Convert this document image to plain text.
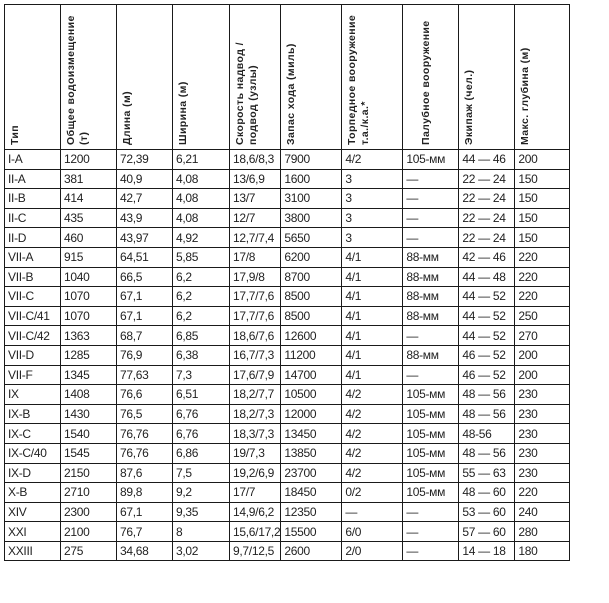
Тип	Общее водоизмещение (т)	Длина (м)	Ширина (м)	Скорость надвод / подвод (узлы)	Запас хода (миль)	Торпедное вооружение т.а./к.а.*	Палубное вооружение	Экипаж (чел.)	Макс. глубина (м)

I-A	1200	72,39	6,21	18,6/8,3	7900	4/2	105-мм	44 — 46	200
II-A	381	40,9	4,08	13/6,9	1600	3	—	22 — 24	150
II-B	414	42,7	4,08	13/7	3100	3	—	22 — 24	150
II-C	435	43,9	4,08	12/7	3800	3	—	22 — 24	150
II-D	460	43,97	4,92	12,7/7,4	5650	3	—	22 — 24	150
VII-A	915	64,51	5,85	17/8	6200	4/1	88-мм	42 — 46	220
VII-B	1040	66,5	6,2	17,9/8	8700	4/1	88-мм	44 — 48	220
VII-C	1070	67,1	6,2	17,7/7,6	8500	4/1	88-мм	44 — 52	220
VII-C/41	1070	67,1	6,2	17,7/7,6	8500	4/1	88-мм	44 — 52	250
VII-C/42	1363	68,7	6,85	18,6/7,6	12600	4/1	—	44 — 52	270
VII-D	1285	76,9	6,38	16,7/7,3	11200	4/1	88-мм	46 — 52	200
VII-F	1345	77,63	7,3	17,6/7,9	14700	4/1	—	46 — 52	200
IX	1408	76,6	6,51	18,2/7,7	10500	4/2	105-мм	48 — 56	230
IX-B	1430	76,5	6,76	18,2/7,3	12000	4/2	105-мм	48 — 56	230
IX-C	1540	76,76	6,76	18,3/7,3	13450	4/2	105-мм	48-56	230
IX-C/40	1545	76,76	6,86	19/7,3	13850	4/2	105-мм	48 — 56	230
IX-D	2150	87,6	7,5	19,2/6,9	23700	4/2	105-мм	55 — 63	230
X-B	2710	89,8	9,2	17/7	18450	0/2	105-мм	48 — 60	220
XIV	2300	67,1	9,35	14,9/6,2	12350	—	—	53 — 60	240
XXI	2100	76,7	8	15,6/17,2	15500	6/0	—	57 — 60	280
XXIII	275	34,68	3,02	9,7/12,5	2600	2/0	—	14 — 18	180
